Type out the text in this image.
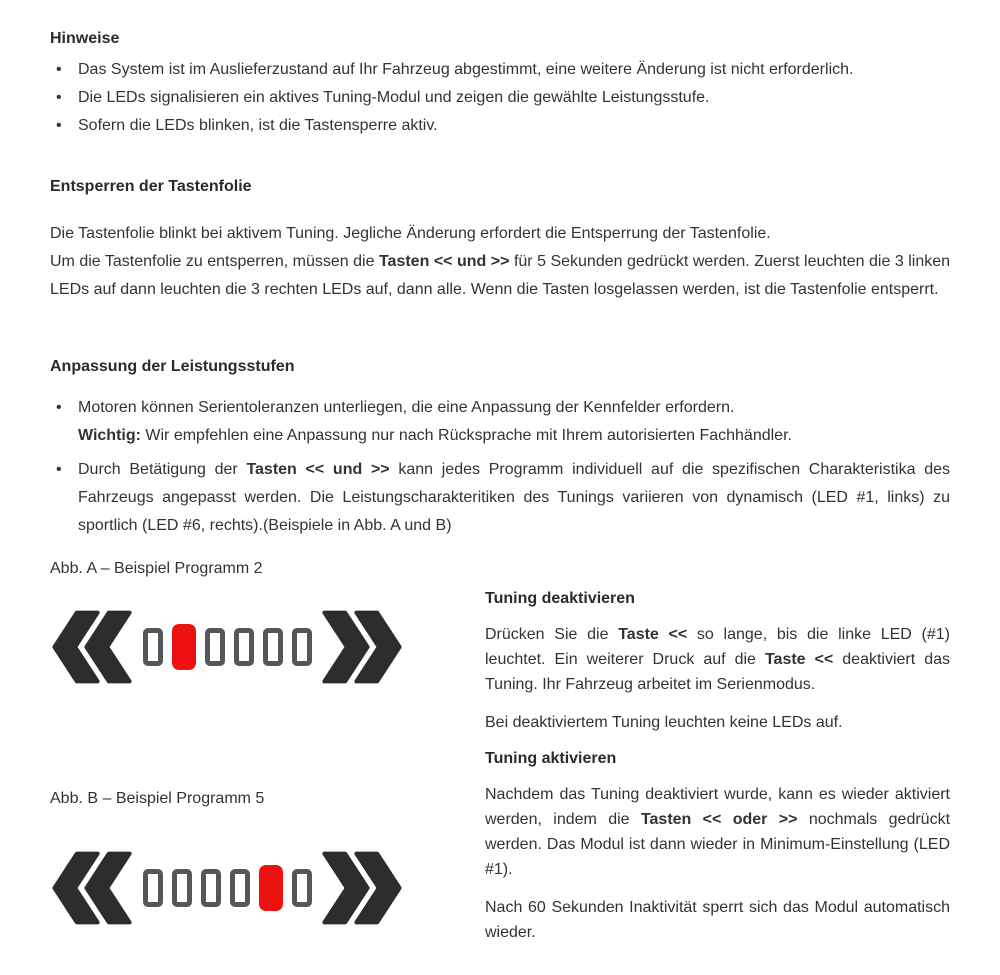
Hinweise
• Das System ist im Auslieferzustand auf Ihr Fahrzeug abgestimmt, eine weitere Änderung ist nicht erforderlich.
• Die LEDs signalisieren ein aktives Tuning-Modul und zeigen die gewählte Leistungsstufe.
• Sofern die LEDs blinken, ist die Tastensperre aktiv.
Entsperren der Tastenfolie

Die Tastenfolie blinkt bei aktivem Tuning. Jegliche Änderung erfordert die Entsperrung der Tastenfolie.

Um die Tastenfolie zu entsperren, müssen die Tasten << und >> für 5 Sekunden gedrückt werden. Zuerst leuchten die 3 linken LEDs auf dann leuchten die 3 rechten LEDs auf, dann alle. Wenn die Tasten losgelassen werden, ist die Tastenfolie entsperrt.

Anpassung der Leistungsstufen
• Motoren können Serientoleranzen unterliegen, die eine Anpassung der Kennfelder erfordern.
Wichtig: Wir empfehlen eine Anpassung nur nach Rücksprache mit Ihrem autorisierten Fachhändler.
• Durch Betätigung der Tasten << und >> kann jedes Programm individuell auf die spezifischen Charakteristika des Fahrzeugs angepasst werden. Die Leistungscharakteritiken des Tunings variieren von dynamisch (LED #1, links) zu sportlich (LED #6, rechts).(Beispiele in Abb. A und B)
Abb. A – Beispiel Programm 2
Abb. B – Beispiel Programm 5
Tuning deaktivieren

Drücken Sie die Taste << so lange, bis die linke LED (#1) leuchtet. Ein weiterer Druck auf die Taste << deaktiviert das Tuning. Ihr Fahrzeug arbeitet im Serienmodus.

Bei deaktiviertem Tuning leuchten keine LEDs auf.

Tuning aktivieren

Nachdem das Tuning deaktiviert wurde, kann es wieder aktiviert werden, indem die Tasten << oder >> nochmals gedrückt werden. Das Modul ist dann wieder in Minimum-Einstellung (LED #1).

Nach 60 Sekunden Inaktivität sperrt sich das Modul automatisch wieder.
